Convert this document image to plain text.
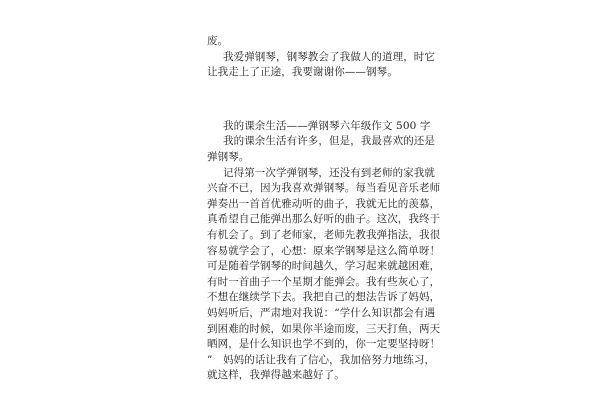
废。
我爱弹钢琴，钢琴教会了我做人的道理，时它
让我走上了正途，我要谢谢你——钢琴。
我的课余生活——弹钢琴六年级作文 500 字
我的课余生活有许多，但是，我最喜欢的还是
弹钢琴。
记得第一次学弹钢琴，还没有到老师的家我就
兴奋不已，因为我喜欢弹钢琴。每当看见音乐老师
弹奏出一首首优雅动听的曲子，我就无比的羡慕，
真希望自己能弹出那么好听的曲子。这次，我终于
有机会了。到了老师家，老师先教我弹指法，我很
容易就学会了，心想：原来学钢琴是这么简单呀！
可是随着学钢琴的时间越久，学习起来就越困难，
有时一首曲子一个星期才能弹会。我有些灰心了，
不想在继续学下去。我把自己的想法告诉了妈妈，
妈妈听后，严肃地对我说：“学什么知识都会有遇
到困难的时候，如果你半途而废，三天打鱼，两天
晒网，是什么知识也学不到的，你一定要坚持呀！
”　妈妈的话让我有了信心，我加倍努力地练习，
就这样，我弹得越来越好了。
